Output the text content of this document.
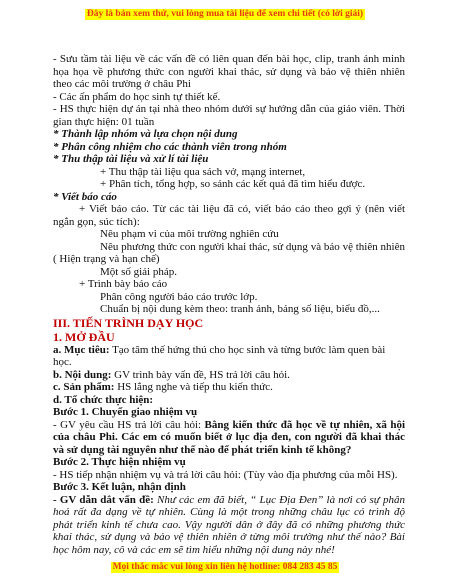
Đây là bản xem thử, vui lòng mua tài liệu để xem chi tiết (có lời giải)

- Sưu tầm tài liệu về các vấn đề có liên quan đến bài học, clip, tranh ảnh minh họa họa về phương thức con người khai thác, sử dụng và bảo vệ thiên nhiên theo các môi trường ở châu Phi

- Các ấn phẩm do học sinh tự thiết kế.

- HS thực hiện dự án tại nhà theo nhóm dưới sự hướng dẫn của giáo viên. Thời gian thực hiện: 01 tuần

* Thành lập nhóm và lựa chọn nội dung

* Phân công nhiệm cho các thành viên trong nhóm

* Thu thập tài liệu và xử lí tài liệu

+ Thu thập tài liệu qua sách vở, mạng internet,

+ Phân tích, tổng hợp, so sánh các kết quả đã tìm hiểu được.

* Viết báo cáo

+ Viết báo cáo. Từ các tài liệu đã có, viết báo cáo theo gợi ý (nên viết ngắn gọn, súc tích):

Nêu phạm vi của môi trường nghiên cứu

Nêu phương thức con người khai thác, sử dụng và bảo vệ thiên nhiên ( Hiện trạng và hạn chế)

Một số giải pháp.

+ Trình bày báo cáo

Phân công người báo cáo trước lớp.

Chuẩn bị nội dung kèm theo: tranh ảnh, bảng số liệu, biểu đồ,...

III. TIẾN TRÌNH DẠY HỌC

1. MỞ ĐẦU

a. Mục tiêu: Tạo tâm thế hứng thú cho học sinh và từng bước làm quen bài học.

b. Nội dung: GV trình bày vấn đề, HS trả lời câu hỏi.

c. Sản phẩm: HS lắng nghe và tiếp thu kiến thức.

d. Tổ chức thực hiện:

Bước 1. Chuyển giao nhiệm vụ

- GV yêu cầu HS trả lời câu hỏi: Bằng kiến thức đã học về tự nhiên, xã hội của châu Phi. Các em có muốn biết ở lục địa đen, con người đã khai thác và sử dụng tài nguyên như thế nào để phát triển kinh tế không?

Bước 2. Thực hiện nhiệm vụ

- HS tiếp nhận nhiệm vụ và trả lời câu hỏi: (Tùy vào địa phương của mỗi HS).

Bước 3. Kết luận, nhận định

- GV dẫn dắt vấn đề: Như các em đã biết, “ Lục Địa Đen” là nơi có sự phân hoá rất đa dạng về tự nhiên. Cùng là một trong những châu lục có trình độ phát triển kinh tế chưa cao. Vậy người dân ở đây đã có những phương thức khai thác, sử dụng và bảo vệ thiên nhiên ở từng môi trường như thế nào? Bài học hôm nay, cô và các em sẽ tìm hiểu những nội dung này nhé!

Mọi thắc mắc vui lòng xin liên hệ hotline: 084 283 45 85
